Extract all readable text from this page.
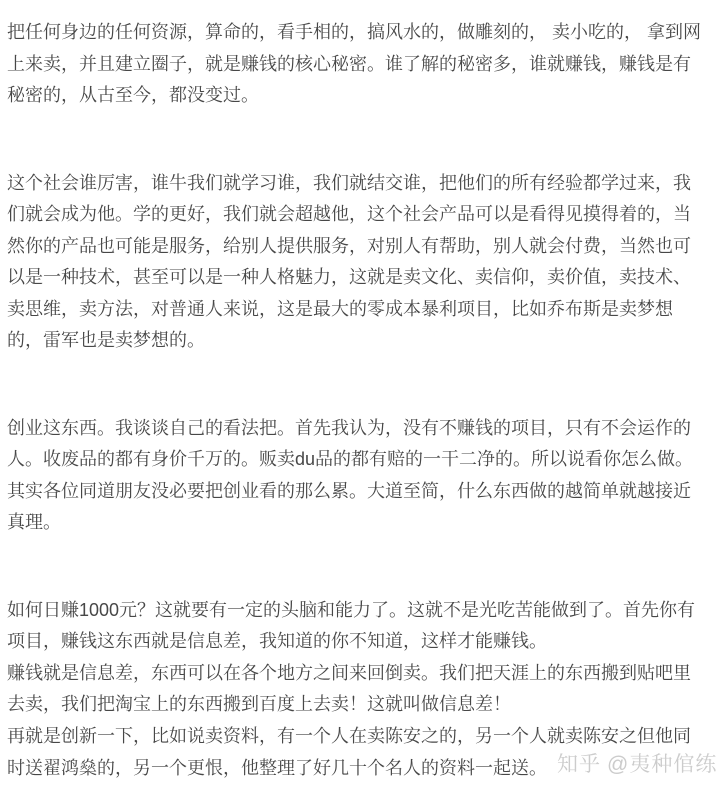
把任何身边的任何资源，算命的，看手相的，搞风水的，做雕刻的， 卖小吃的， 拿到网
上来卖，并且建立圈子，就是赚钱的核心秘密。谁了解的秘密多，谁就赚钱，赚钱是有
秘密的，从古至今，都没变过。
这个社会谁厉害，谁牛我们就学习谁，我们就结交谁，把他们的所有经验都学过来，我
们就会成为他。学的更好，我们就会超越他，这个社会产品可以是看得见摸得着的，当
然你的产品也可能是服务，给别人提供服务，对别人有帮助，别人就会付费，当然也可
以是一种技术，甚至可以是一种人格魅力，这就是卖文化、卖信仰，卖价值，卖技术、
卖思维，卖方法，对普通人来说，这是最大的零成本暴利项目，比如乔布斯是卖梦想
的，雷军也是卖梦想的。
创业这东西。我谈谈自己的看法把。首先我认为，没有不赚钱的项目，只有不会运作的
人。收废品的都有身价千万的。贩卖du品的都有赔的一干二净的。所以说看你怎么做。
其实各位同道朋友没必要把创业看的那么累。大道至简，什么东西做的越简单就越接近
真理。
如何日赚1000元？这就要有一定的头脑和能力了。这就不是光吃苦能做到了。首先你有
项目，赚钱这东西就是信息差，我知道的你不知道，这样才能赚钱。
赚钱就是信息差，东西可以在各个地方之间来回倒卖。我们把天涯上的东西搬到贴吧里
去卖，我们把淘宝上的东西搬到百度上去卖！这就叫做信息差！
再就是创新一下，比如说卖资料，有一个人在卖陈安之的，另一个人就卖陈安之但他同
时送翟鸿燊的，另一个更恨，他整理了好几十个名人的资料一起送。 知乎 @夷种倌练
